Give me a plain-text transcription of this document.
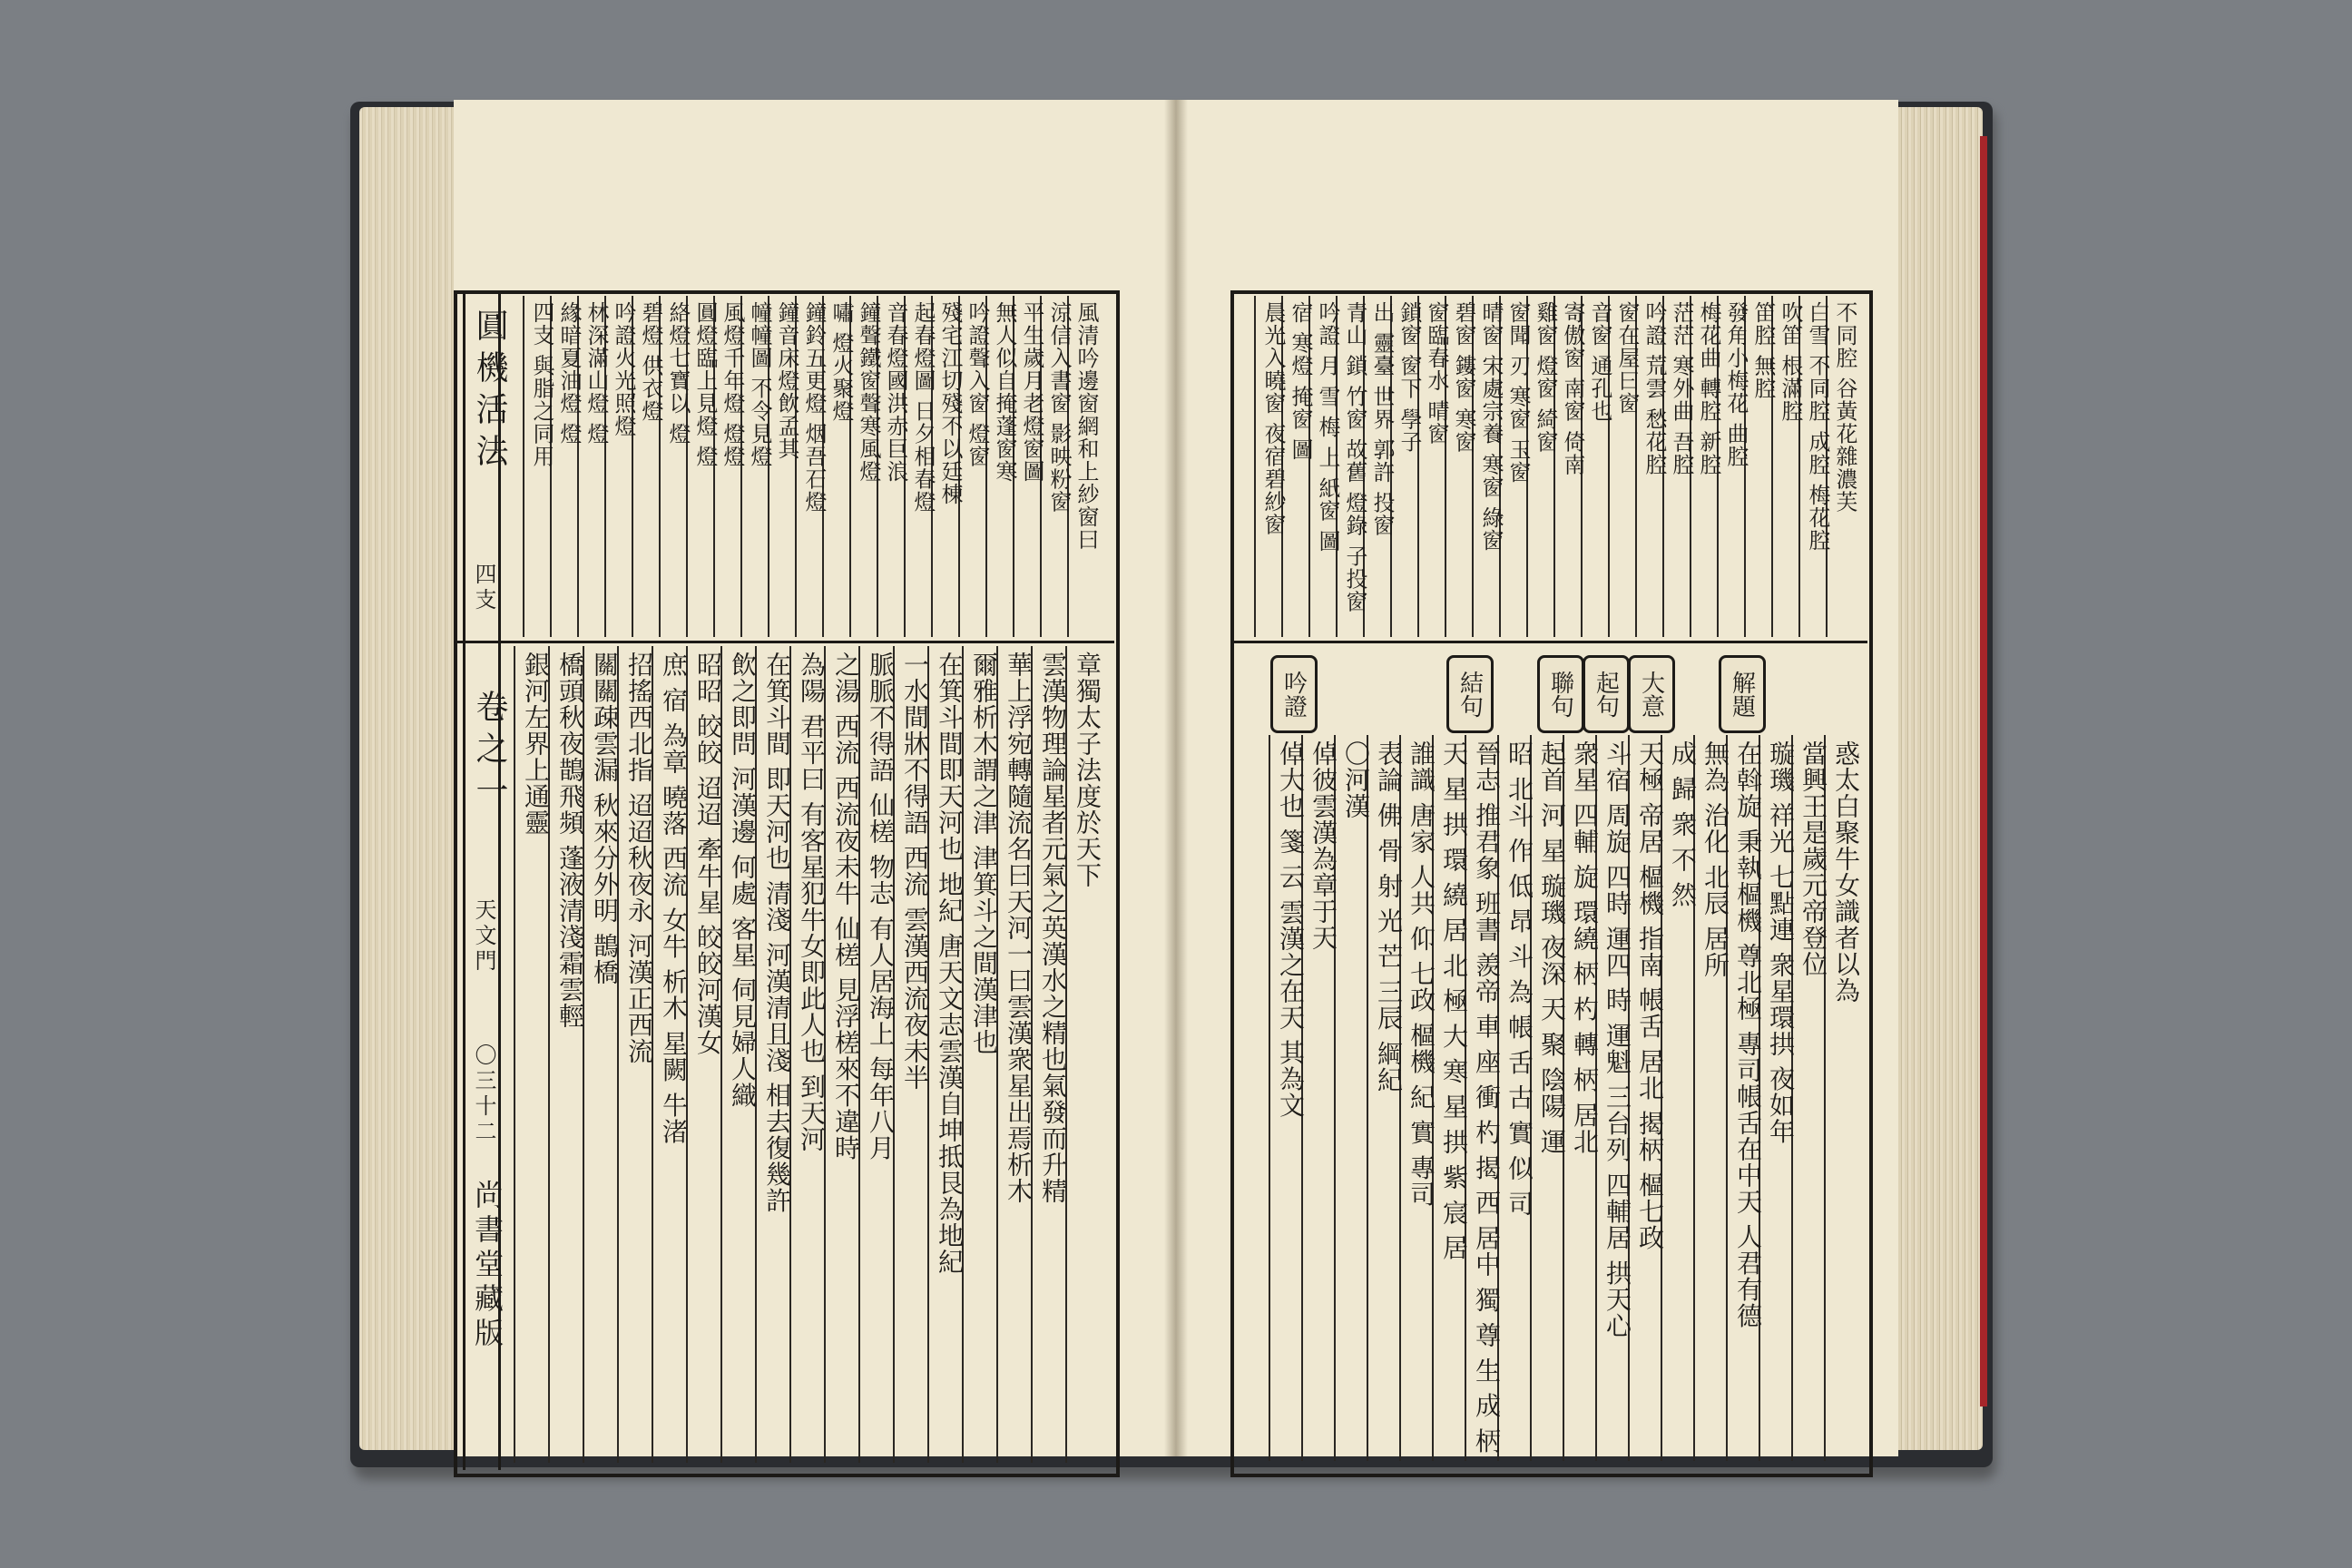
圓機活法
四支
卷之一
天文門
〇三十二
尚書堂藏版
風清吟邊窗網和上紗窗曰
涼信入書窗 影映粉窗
平生歲月老燈窗圖
無人似自掩蓬窗寒
吟證聲入窗 燈窗
殘宅江切殘不以廷棟
起春燈圖 日夕相春燈
音春燈國洪赤巨浪
鐘聲鐵窗聲寒風燈
嘯 燈火聚燈
鐘鈴五更燈 烟吾石燈
鐘音床燈飲孟其
幢幢圖 不令見燈
風燈千年燈 燈燈
圓燈臨上見燈 燈
絡燈七寶以 燈
碧燈 供衣燈
吟證火光照燈
林深滿山燈 燈
緣暗夏油燈 燈
四支 與脂之同用
章獨太子法度於天下
雲漢物理論星者元氣之英漢水之精也氣發而升精
華上浮宛轉隨流名曰天河一曰雲漢衆星出焉析木
爾雅析木謂之津 津箕斗之間漢津也
在箕斗間即天河也 地紀 唐天文志雲漢自坤抵艮為地紀
一水間牀不得語 西流 雲漢西流夜未半
脈脈不得語 仙槎 物志 有人居海上 每年八月
之湯 西流 西流夜未牛 仙槎 見浮槎來不違時
為陽 君平曰 有客星犯牛女即此人也 到天河
在箕斗間 即天河也 清淺 河漢清且淺 相去復幾許
飲之即問 河漢邊 何處 客星 伺見婦人織
昭昭 皎皎 迢迢 牽牛星 皎皎河漢女
庶 宿 為章 曉落 西流 女牛 析木 星闕 牛渚
招搖西北指 迢迢秋夜永 河漢正西流
關關疎雲漏 秋來分外明 鵲橋
橋頭秋夜鵲飛頻 蓬液清淺霜雲輕
銀河左界上通靈
不同腔 谷黃花雜濃芙
白雪 不同腔 成腔 梅花腔
吹笛 根滿腔
笛腔 無腔
發角小梅花 曲腔
梅花曲 轉腔 新腔
茫茫 寒外曲 吾腔
吟證 荒雲 愁花腔
窗在屋曰窗
音窗 通孔也
寄傲窗 南窗 倚南
雞窗 燈窗 綺窗
窗聞 刃 寒窗 玉窗
晴窗 宋處宗養 寒窗 綠窗
碧窗 鏤窗 寒窗
窗臨春水 晴窗
鎖窗 窗下 學子
出 靈臺 世界 郭許 投窗
青山 鎖 竹窗 故舊 燈錄 子投窗
吟證 月 雪 梅 上 紙窗 圖
宿 寒燈 掩窗 圖
晨光入曉窗 夜宿碧紗窗
惑太白聚牛女識者以為
當興王是歲元帝登位
璇璣 祥光 七點連 衆星環拱 夜如年
在斡旋 秉執樞機 尊北極 專司帳舌在中天 人君有德
無為 治化 北辰 居所
成 歸 衆 不 然
天極 帝居 樞機 指南 帳舌 居北 揭柄 樞七政
斗宿 周旋 四時 運四 時 運魁 三台列 四輔居 拱天心
衆星 四輔 旋 環繞 柄 杓 轉 柄 居北
起首 河 星 璇璣 夜深 天 聚 陰陽 運
昭 北斗 作 低 昂 斗 為 帳 舌 古 實 似 司
晉志 推君象 班書 羨帝 車 座 衝 杓 揭 西 居中 獨 尊 生 成 柄
天 星 拱 環 繞 居 北 極 大 寒 星 拱 紫 宸 居
誰識 唐家 人共 仰 七政 樞機 紀 實 專司
表論 佛 骨 射 光 芒 三辰 綱紀
〇河漢
倬彼雲漢為章于天
倬大也 箋 云 雲漢之在天 其為文
解題
大意
起句
聯句
結句
吟證
